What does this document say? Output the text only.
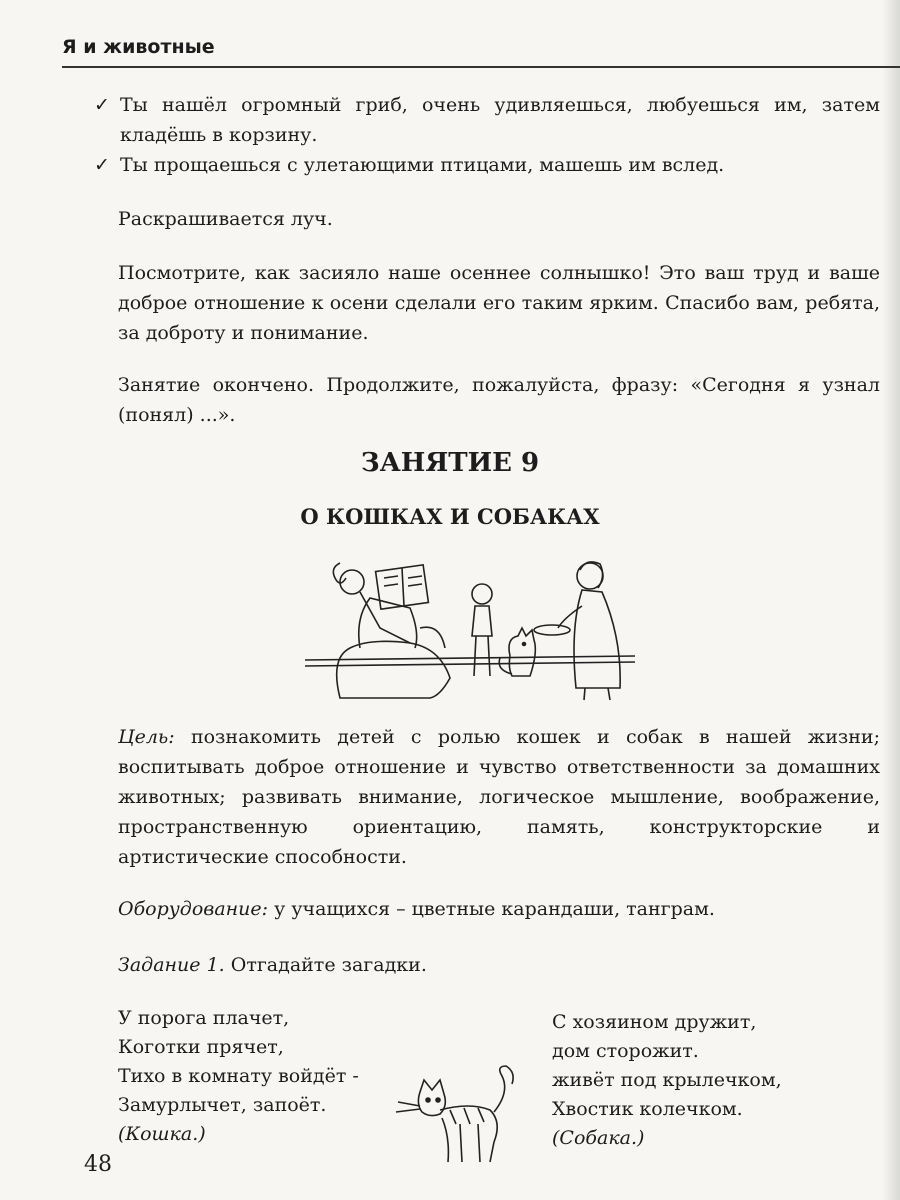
Я и животные
✓ Ты нашёл огромный гриб, очень удивляешься, любуешься им, затем кладёшь в корзину.
✓ Ты прощаешься с улетающими птицами, машешь им вслед.
Раскрашивается луч.
Посмотрите, как засияло наше осеннее солнышко! Это ваш труд и ваше доброе отношение к осени сделали его таким ярким. Спасибо вам, ребята, за доброту и понимание.
Занятие окончено. Продолжите, пожалуйста, фразу: «Сегодня я узнал (понял) ...».
ЗАНЯТИЕ 9
О КОШКАХ И СОБАКАХ
Цель: познакомить детей с ролью кошек и собак в нашей жизни; воспитывать доброе отношение и чувство ответственности за домашних животных; развивать внимание, логическое мышление, воображение, пространственную ориентацию, память, конструкторские и артистические способности.
Оборудование: у учащихся – цветные карандаши, танграм.
Задание 1. Отгадайте загадки.
У порога плачет,
Коготки прячет,
Тихо в комнату войдёт -
Замурлычет, запоёт.
(Кошка.)
С хозяином дружит,
дом сторожит.
живёт под крылечком,
Хвостик колечком.
(Собака.)
48
